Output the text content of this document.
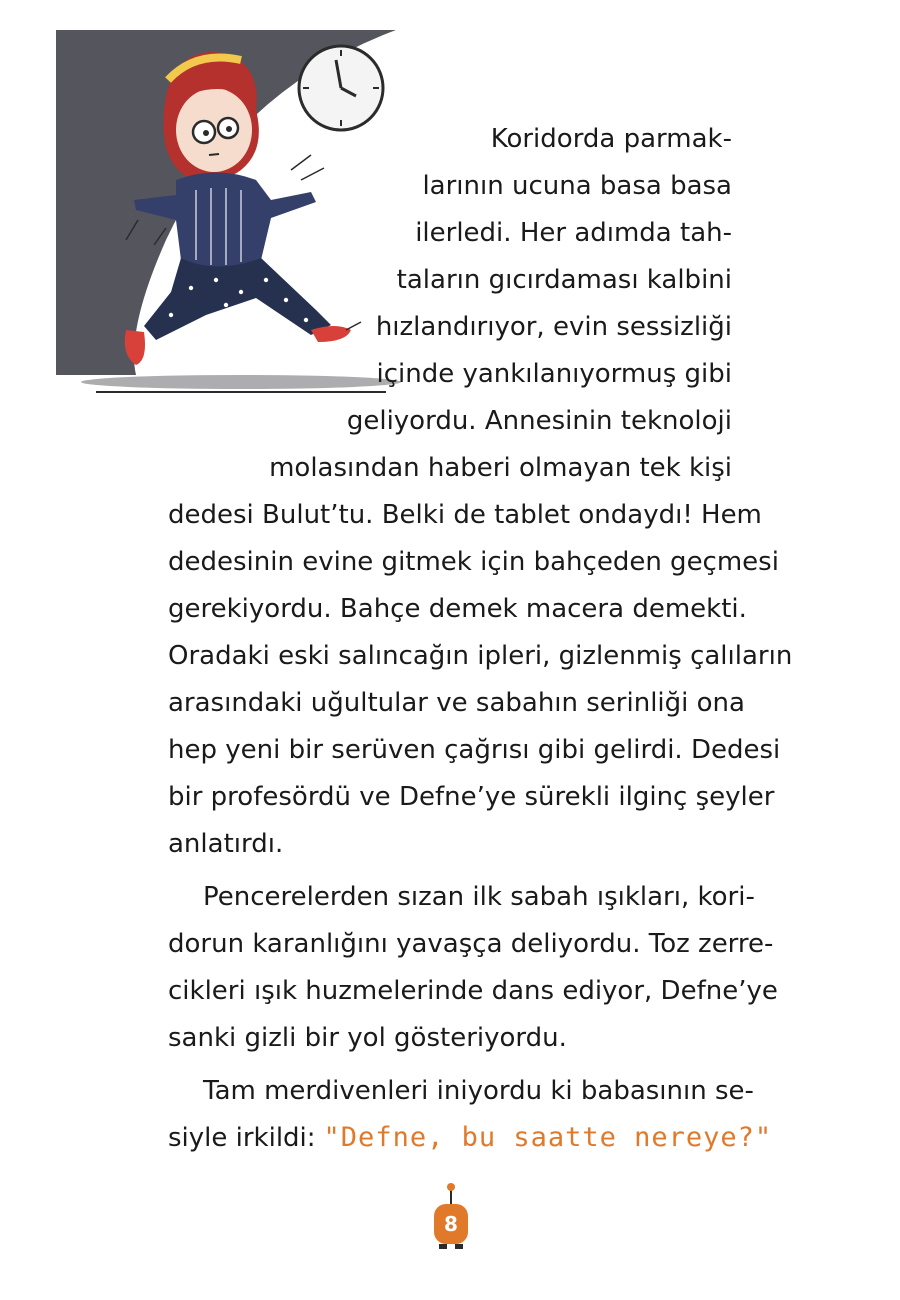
Koridorda parmak-
larının ucuna basa basa
ilerledi. Her adımda tah-
taların gıcırdaması kalbini
hızlandırıyor, evin sessizliği
içinde yankılanıyormuş gibi
geliyordu. Annesinin teknoloji
molasından haberi olmayan tek kişi
dedesi Bulut’tu. Belki de tablet ondaydı! Hem
dedesinin evine gitmek için bahçeden geçmesi
gerekiyordu. Bahçe demek macera demekti.
Oradaki eski salıncağın ipleri, gizlenmiş çalıların
arasındaki uğultular ve sabahın serinliği ona
hep yeni bir serüven çağrısı gibi gelirdi. Dedesi
bir profesördü ve Defne’ye sürekli ilginç şeyler
anlatırdı.
Pencerelerden sızan ilk sabah ışıkları, kori-
dorun karanlığını yavaşça deliyordu. Toz zerre-
cikleri ışık huzmelerinde dans ediyor, Defne’ye
sanki gizli bir yol gösteriyordu.
Tam merdivenleri iniyordu ki babasının se-
siyle irkildi: "Defne, bu saatte nereye?"
8
